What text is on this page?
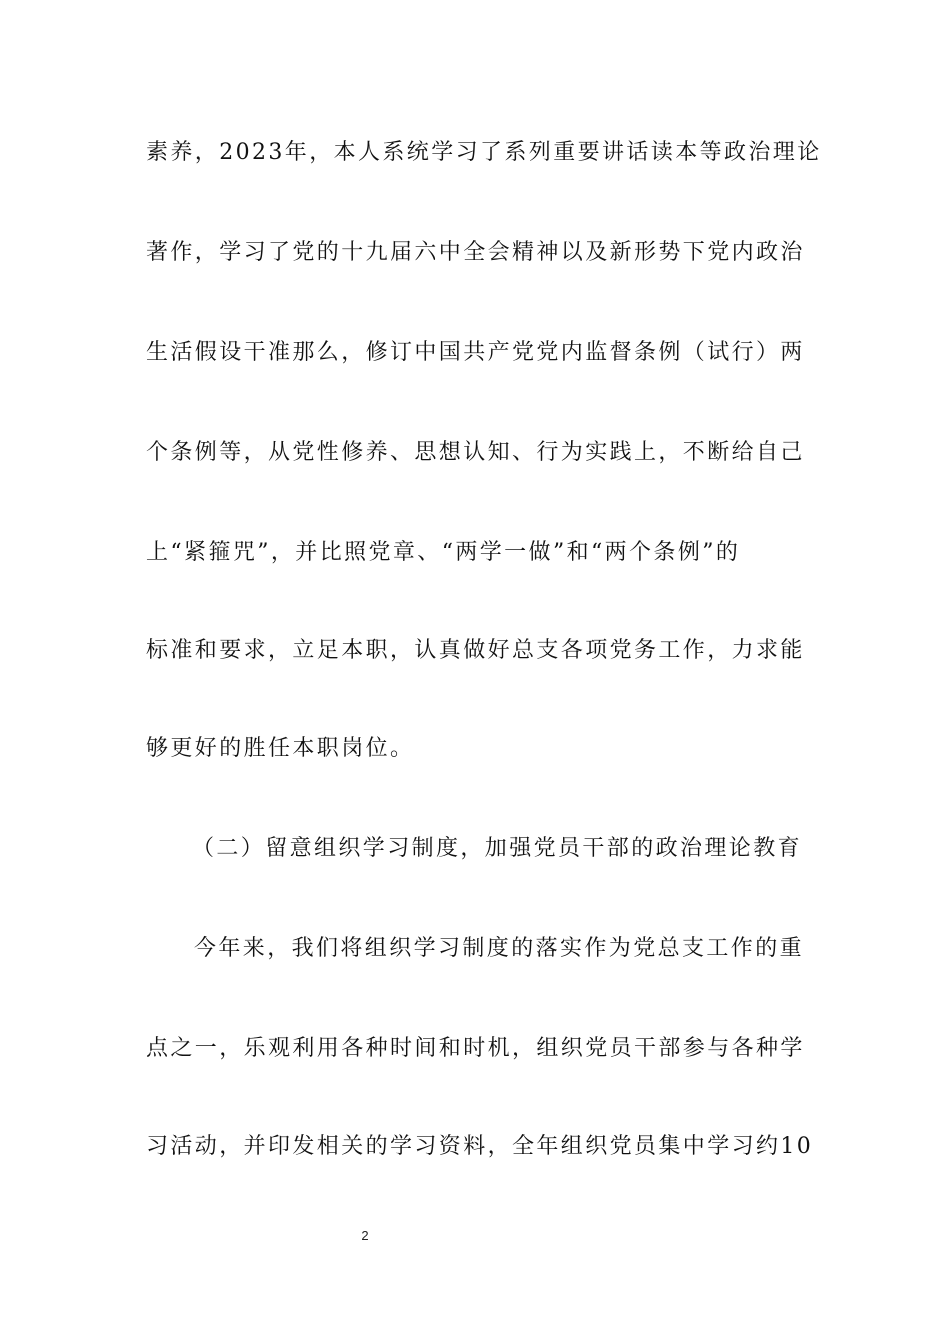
素养，2023年，本人系统学习了系列重要讲话读本等政治理论
著作，学习了党的十九届六中全会精神以及新形势下党内政治
生活假设干准那么，修订中国共产党党内监督条例（试行）两
个条例等，从党性修养、思想认知、行为实践上，不断给自己
上“紧箍咒”，并比照党章、“两学一做”和“两个条例”的
标准和要求，立足本职，认真做好总支各项党务工作，力求能
够更好的胜任本职岗位。
（二）留意组织学习制度，加强党员干部的政治理论教育
今年来，我们将组织学习制度的落实作为党总支工作的重
点之一，乐观利用各种时间和时机，组织党员干部参与各种学
习活动，并印发相关的学习资料，全年组织党员集中学习约10
2
